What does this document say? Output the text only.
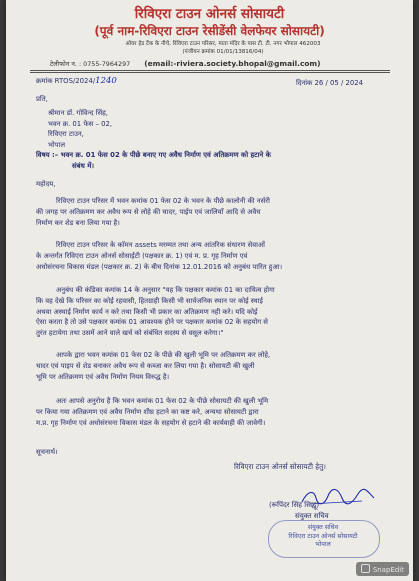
रिविएरा टाउन ओनर्स सोसायटी
(पूर्व नाम-रिविएरा टाउन रेसीडेंसी वेलफेयर सोसायटी)
ओवर हेड टेंक के नीचे, रिविएरा टाउन परिसर, माता मंदिर के पास टी. टी. नगर भोपाल 462003
(पंजीयन क्रमांक 01/01/13816/04)
टेलीफोन न. : 0755-7964297 (email:-riviera.society.bhopal@gmail.com)
क्रमांक RTOS/2024/1240	दिनांक 26 / 05 / 2024
प्रति,
श्रीमान डॉ. गोविन्द सिंह,
भवन क्र. 01 फेस – 02,
रिविएरा टाउन,
भोपाल
विषय :– भवन क्र. 01 फेस 02 के पीछे बनाए गए अवैध निर्माण एवं अतिक्रमण को हटाने के
संबंध में।
महोदय,
रिविएरा टाउन परिसर में भवन कमांक 01 फेस 02 के भवन के पीछे कालोनी की नर्सरी
की जगह पर अतिक्रमण कर अवैध रूप से लोहे की चादर, पाईप एवं जालियाँ आदि से अवैध
निर्माण कर शेड बना लिया गया है।
रिविएरा टाउन परिसर के कॉमन assets मरम्मत तथा अन्य आंतरिक संधारण सेवाओं
के अन्तर्गत रिविएरा टाउन ओनर्स सोसाईटी (पक्षकार क्र. 1) एवं म. प्र. गृह निर्माण एवं
अधोसंरचना विकास मंडल (पक्षकार क्र. 2) के बीच दिनांक 12.01.2016 को अनुबंध पारित हुआ।
अनुबंध की कंडिका कमांक 14 के अनुसार "यह कि पक्षकार कमांक 01 का दायित्व होगा
कि वह देखे कि परिसर का कोई रहवासी, हितग्राही किसी भी सार्वजनिक स्थान पर कोई स्थाई
अथवा अस्थाई निर्माण कार्य न करे तथा किसी भी प्रकार का अतिक्रमण नही करे। यदि कोई
ऐसा करता है तो उसे पक्षकार कमांक 01 आवश्यक होने पर पक्षकार कमांक 02 के सहयोग से
तुरंत हटायेगा तथा उसमें आने वाले खर्च को संबंधित सदस्य से वसूल करेगा।"
आपके द्वारा भवन कमांक 01 फेस 02 के पीछे की खुली भूमि पर अतिक्रमण कर लोहे,
चादर एवं पाइप से शेड बनाकर अवैध रूप से कब्जा कर लिया गया है। सोसायटी की खुली
भूमि पर अतिक्रमण एवं अवैध निर्माण नियम विरुद्ध है।
अतः आपसे अनुरोध है कि भवन कमांक 01 फेस 02 के पीछे सोसायटी की खुली भूमि
पर किया गया अतिक्रमण एवं अवैध निर्माण शीघ्र हटाने का कष्ट करे, अन्यथा सोसायटी द्वारा
म.प्र. गृह निर्माण एवं अधोसंरचना विकास मंडल के सहयोग से हटाने की कार्यवाही की जावेगी।
सूचनार्थ।
रिविएरा टाउन ओनर्स सोसायटी हेतु।
(रूपिंदर सिंह सिद्धू)
संयुक्त सचिव
संयुक्त सचिव
रिविएरा टाउन ओनर्स सोसायटी
भोपाल
SnapEdit
